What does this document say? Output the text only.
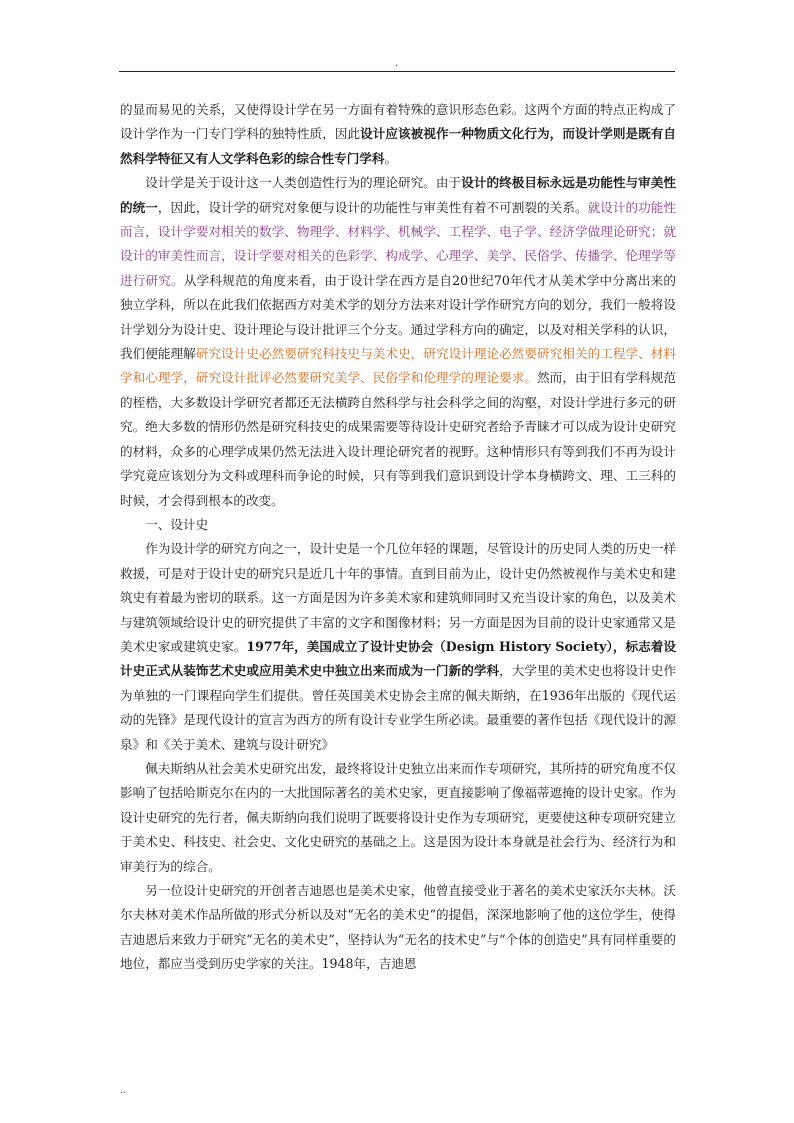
.

的显而易见的关系，又使得设计学在另一方面有着特殊的意识形态色彩。这两个方面的特点正构成了设计学作为一门专门学科的独特性质，因此设计应该被视作一种物质文化行为，而设计学则是既有自然科学特征又有人文学科色彩的综合性专门学科。

设计学是关于设计这一人类创造性行为的理论研究。由于设计的终极目标永远是功能性与审美性的统一，因此，设计学的研究对象便与设计的功能性与审美性有着不可割裂的关系。就设计的功能性而言，设计学要对相关的数学、物理学、材料学、机械学、工程学、电子学、经济学做理论研究；就设计的审美性而言，设计学要对相关的色彩学、构成学、心理学、美学、民俗学、传播学、伦理学等进行研究。从学科规范的角度来看，由于设计学在西方是自20世纪70年代才从美术学中分离出来的独立学科，所以在此我们依据西方对美术学的划分方法来对设计学作研究方向的划分，我们一般将设计学划分为设计史、设计理论与设计批评三个分支。通过学科方向的确定，以及对相关学科的认识，我们便能理解研究设计史必然要研究科技史与美术史，研究设计理论必然要研究相关的工程学、材料学和心理学，研究设计批评必然要研究美学、民俗学和伦理学的理论要求。然而，由于旧有学科规范的桎梏，大多数设计学研究者都还无法横跨自然科学与社会科学之间的沟壑，对设计学进行多元的研究。绝大多数的情形仍然是研究科技史的成果需要等待设计史研究者给予青睐才可以成为设计史研究的材料，众多的心理学成果仍然无法进入设计理论研究者的视野。这种情形只有等到我们不再为设计学究竟应该划分为文科或理科而争论的时候，只有等到我们意识到设计学本身横跨文、理、工三科的时候，才会得到根本的改变。

一、设计史

作为设计学的研究方向之一，设计史是一个几位年轻的课题，尽管设计的历史同人类的历史一样救援，可是对于设计史的研究只是近几十年的事情。直到目前为止，设计史仍然被视作与美术史和建筑史有着最为密切的联系。这一方面是因为许多美术家和建筑师同时又充当设计家的角色，以及美术与建筑领域给设计史的研究提供了丰富的文字和图像材料；另一方面是因为目前的设计史家通常又是美术史家或建筑史家。1977年，美国成立了设计史协会（Design History Society），标志着设计史正式从装饰艺术史或应用美术史中独立出来而成为一门新的学科，大学里的美术史也将设计史作为单独的一门课程向学生们提供。曾任英国美术史协会主席的佩夫斯纳，在1936年出版的《现代运动的先锋》是现代设计的宣言为西方的所有设计专业学生所必读。最重要的著作包括《现代设计的源泉》和《关于美术、建筑与设计研究》

佩夫斯纳从社会美术史研究出发，最终将设计史独立出来而作专项研究，其所持的研究角度不仅影响了包括哈斯克尔在内的一大批国际著名的美术史家，更直接影响了像福蒂遮掩的设计史家。作为设计史研究的先行者，佩夫斯纳向我们说明了既要将设计史作为专项研究，更要使这种专项研究建立于美术史、科技史、社会史、文化史研究的基础之上。这是因为设计本身就是社会行为、经济行为和审美行为的综合。

另一位设计史研究的开创者吉迪恩也是美术史家，他曾直接受业于著名的美术史家沃尔夫林。沃尔夫林对美术作品所做的形式分析以及对“无名的美术史”的提倡，深深地影响了他的这位学生，使得吉迪恩后来致力于研究“无名的美术史”，坚持认为“无名的技术史”与“个体的创造史”具有同样重要的地位，都应当受到历史学家的关注。1948年，吉迪恩

..
